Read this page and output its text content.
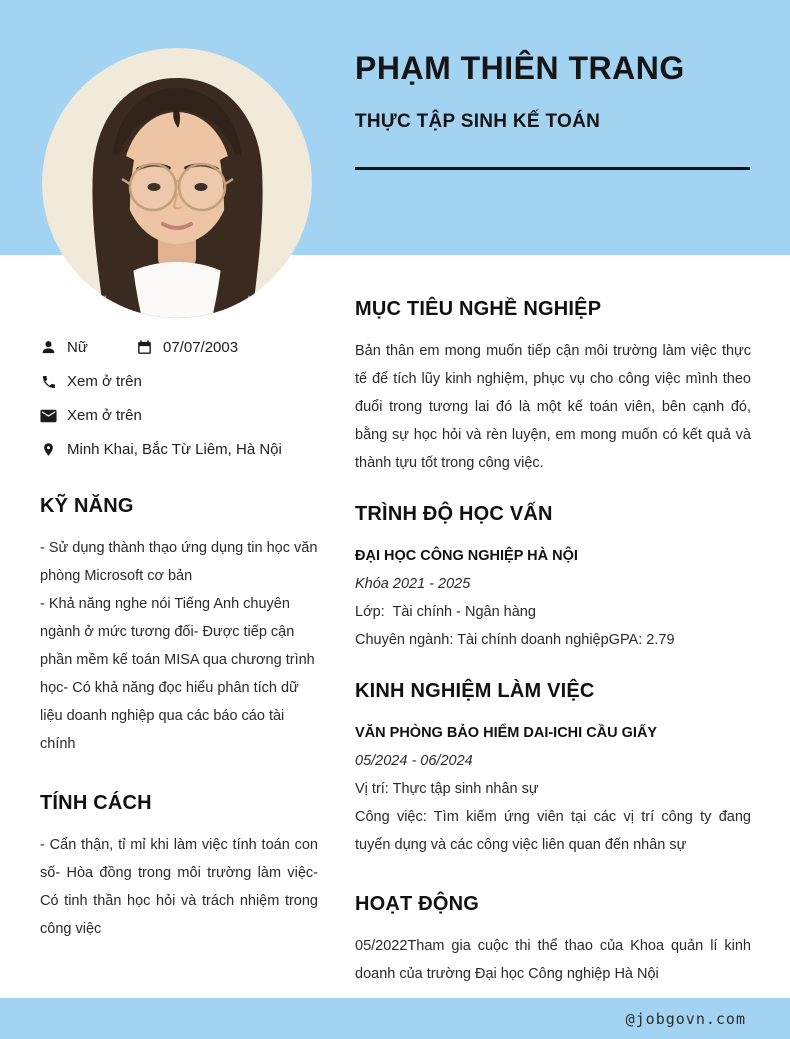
PHẠM THIÊN TRANG
THỰC TẬP SINH KẾ TOÁN
Nữ	07/07/2003
Xem ở trên
Xem ở trên
Minh Khai, Bắc Từ Liêm, Hà Nội
KỸ NĂNG

- Sử dụng thành thạo ứng dụng tin học văn phòng Microsoft cơ bản

- Khả năng nghe nói Tiếng Anh chuyên ngành ở mức tương đối- Được tiếp cận phần mềm kế toán MISA qua chương trình học- Có khả năng đọc hiểu phân tích dữ liệu doanh nghiệp qua các báo cáo tài chính

TÍNH CÁCH

- Cẩn thận, tỉ mỉ khi làm việc tính toán con số- Hòa đồng trong môi trường làm việc- Có tinh thần học hỏi và trách nhiệm trong công việc

MỤC TIÊU NGHỀ NGHIỆP

Bản thân em mong muốn tiếp cận môi trường làm việc thực tế để tích lũy kinh nghiệm, phục vụ cho công việc mình theo đuổi trong tương lai đó là một kế toán viên, bên cạnh đó, bằng sự học hỏi và rèn luyện, em mong muốn có kết quả và thành tựu tốt trong công việc.

TRÌNH ĐỘ HỌC VẤN

ĐẠI HỌC CÔNG NGHIỆP HÀ NỘI

Khóa 2021 - 2025

Lớp:  Tài chính - Ngân hàng

Chuyên ngành: Tài chính doanh nghiệpGPA: 2.79

KINH NGHIỆM LÀM VIỆC

VĂN PHÒNG BẢO HIỂM DAI-ICHI CẦU GIẤY

05/2024 - 06/2024

Vị trí: Thực tập sinh nhân sự

Công việc: Tìm kiếm ứng viên tại các vị trí công ty đang tuyển dụng và các công việc liên quan đến nhân sự

HOẠT ĐỘNG

05/2022Tham gia cuộc thi thể thao của Khoa quản lí kinh doanh của trường Đại học Công nghiệp Hà Nội

@jobgovn.com
